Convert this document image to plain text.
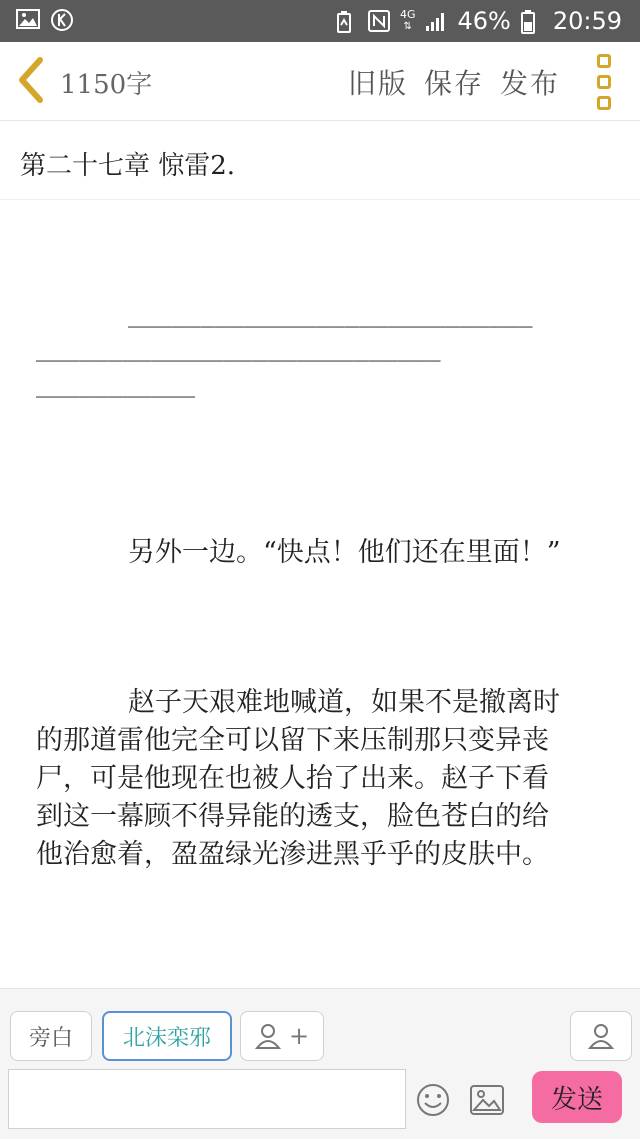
4G
⇅ 46% 20:59
1150字	旧版 保存 发布
第二十七章 惊雷2.
____________________________
____________________________
___________
另外一边。“快点！他们还在里面！”
赵子天艰难地喊道，如果不是撤离时
的那道雷他完全可以留下来压制那只变异丧
尸，可是他现在也被人抬了出来。赵子下看
到这一幕顾不得异能的透支，脸色苍白的给
他治愈着，盈盈绿光渗进黑乎乎的皮肤中。
旁白	北沫栾邪	+
发送
